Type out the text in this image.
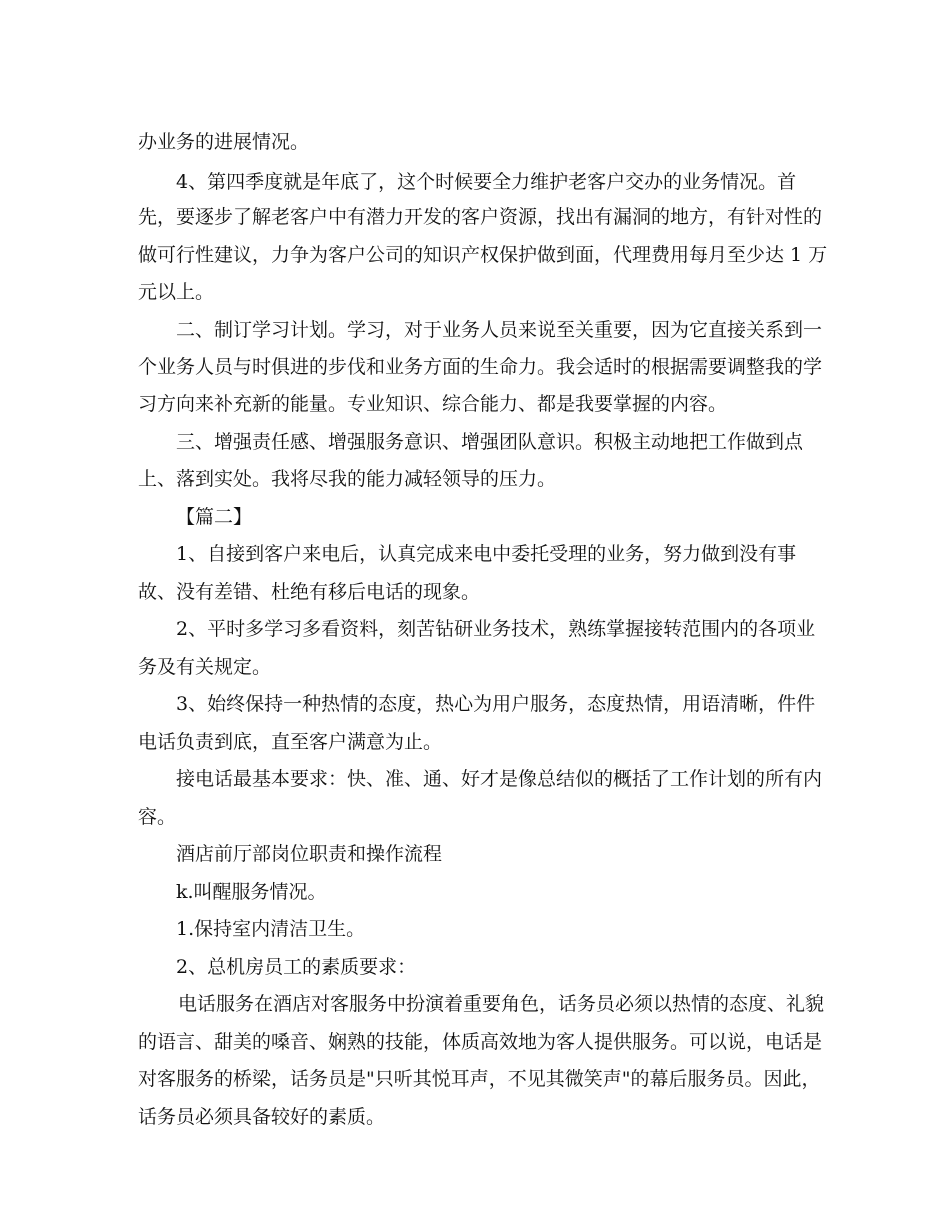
办业务的进展情况。
4、第四季度就是年底了，这个时候要全力维护老客户交办的业务情况。首
先，要逐步了解老客户中有潜力开发的客户资源，找出有漏洞的地方，有针对性的
做可行性建议，力争为客户公司的知识产权保护做到面，代理费用每月至少达 1 万
元以上。
二、制订学习计划。学习，对于业务人员来说至关重要，因为它直接关系到一
个业务人员与时俱进的步伐和业务方面的生命力。我会适时的根据需要调整我的学
习方向来补充新的能量。专业知识、综合能力、都是我要掌握的内容。
三、增强责任感、增强服务意识、增强团队意识。积极主动地把工作做到点
上、落到实处。我将尽我的能力减轻领导的压力。
【篇二】
1、自接到客户来电后，认真完成来电中委托受理的业务，努力做到没有事
故、没有差错、杜绝有移后电话的现象。
2、平时多学习多看资料，刻苦钻研业务技术，熟练掌握接转范围内的各项业
务及有关规定。
3、始终保持一种热情的态度，热心为用户服务，态度热情，用语清晰，件件
电话负责到底，直至客户满意为止。
接电话最基本要求：快、准、通、好才是像总结似的概括了工作计划的所有内
容。
酒店前厅部岗位职责和操作流程
k.叫醒服务情况。
1.保持室内清洁卫生。
2、总机房员工的素质要求：
电话服务在酒店对客服务中扮演着重要角色，话务员必须以热情的态度、礼貌
的语言、甜美的嗓音、娴熟的技能，体质高效地为客人提供服务。可以说，电话是
对客服务的桥梁，话务员是"只听其悦耳声，不见其微笑声"的幕后服务员。因此，
话务员必须具备较好的素质。
